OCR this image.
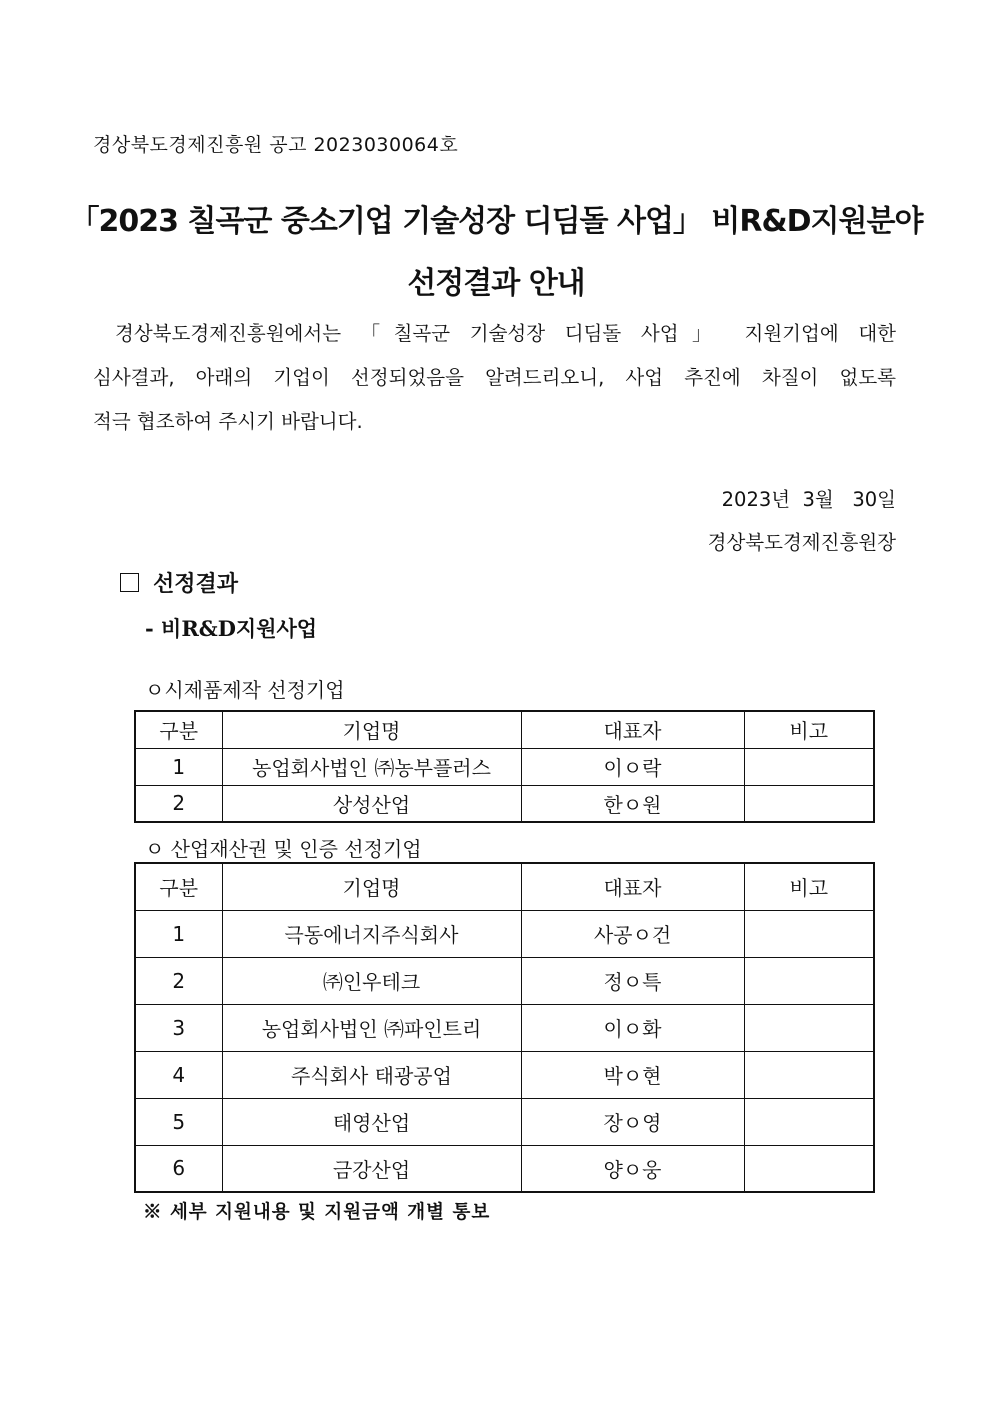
경상북도경제진흥원 공고 2023030064호
「2023 칠곡군 중소기업 기술성장 디딤돌 사업」 비R&D지원분야
선정결과 안내
경상북도경제진흥원에서는 「칠곡군 기술성장 디딤돌 사업」 지원기업에 대한
심사결과, 아래의 기업이 선정되었음을 알려드리오니, 사업 추진에 차질이 없도록
적극 협조하여 주시기 바랍니다.
2023년  3월   30일
경상북도경제진흥원장
선정결과
- 비R&D지원사업
ㅇ시제품제작 선정기업
구분	기업명	대표자	비고
1	농업회사법인 ㈜농부플러스	이ㅇ락	
2	상성산업	한ㅇ원	
ㅇ 산업재산권 및 인증 선정기업
구분	기업명	대표자	비고
1	극동에너지주식회사	사공ㅇ건	
2	㈜인우테크	정ㅇ특	
3	농업회사법인 ㈜파인트리	이ㅇ화	
4	주식회사 태광공업	박ㅇ현	
5	태영산업	장ㅇ영	
6	금강산업	양ㅇ웅	
※ 세부 지원내용 및 지원금액 개별 통보
